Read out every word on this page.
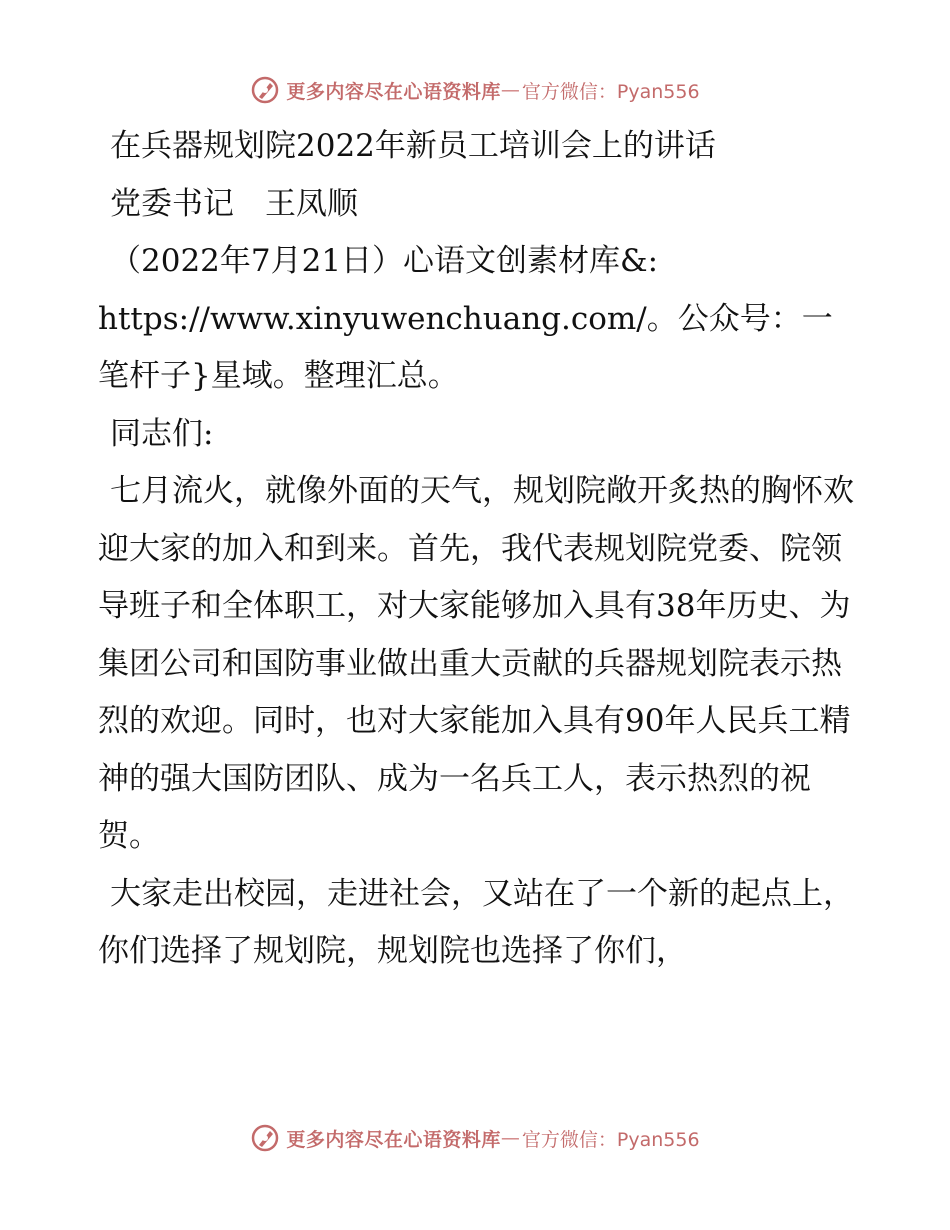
更多内容尽在心语资料库 — 官方微信：Pyan556

在兵器规划院2022年新员工培训会上的讲话

党委书记　王凤顺

（2022年7月21日）心语文创素材库&: https://www.xinyuwenchuang.com/。公众号：一笔杆子}星域。整理汇总。

同志们:

七月流火，就像外面的天气，规划院敞开炙热的胸怀欢迎大家的加入和到来。首先，我代表规划院党委、院领导班子和全体职工，对大家能够加入具有38年历史、为集团公司和国防事业做出重大贡献的兵器规划院表示热烈的欢迎。同时，也对大家能加入具有90年人民兵工精神的强大国防团队、成为一名兵工人，表示热烈的祝贺。

大家走出校园，走进社会，又站在了一个新的起点上，你们选择了规划院，规划院也选择了你们，

更多内容尽在心语资料库 — 官方微信：Pyan556
